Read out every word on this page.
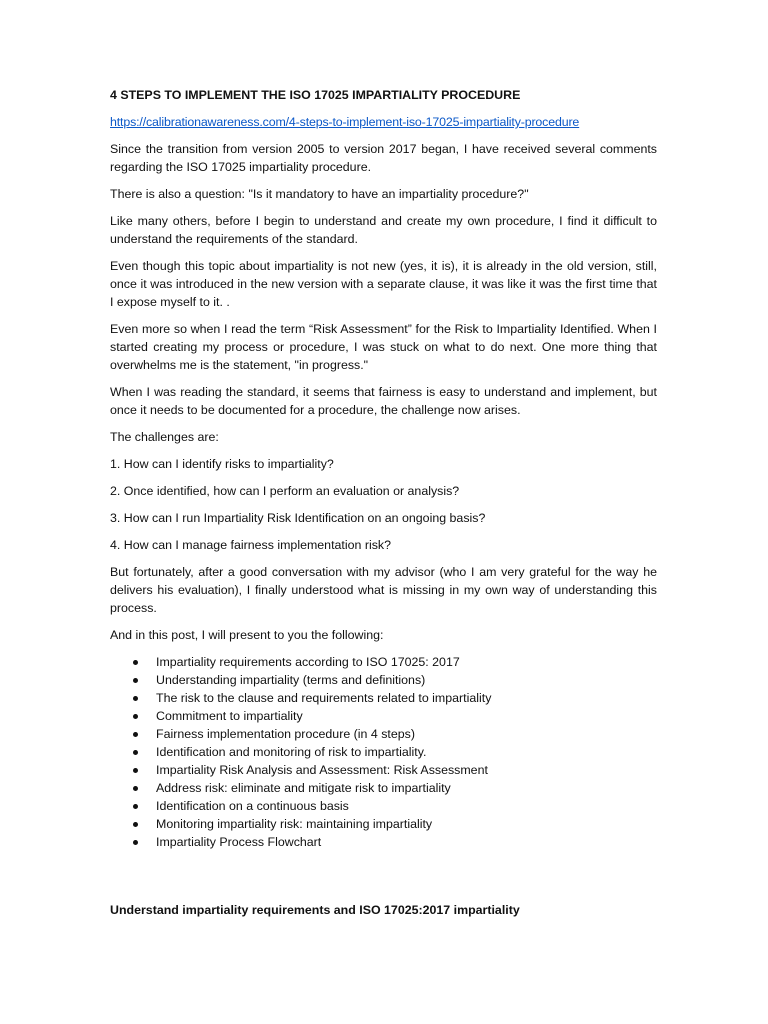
4 STEPS TO IMPLEMENT THE ISO 17025 IMPARTIALITY PROCEDURE
https://calibrationawareness.com/4-steps-to-implement-iso-17025-impartiality-procedure

Since the transition from version 2005 to version 2017 began, I have received several comments regarding the ISO 17025 impartiality procedure.

There is also a question: "Is it mandatory to have an impartiality procedure?"

Like many others, before I begin to understand and create my own procedure, I find it difficult to understand the requirements of the standard.

Even though this topic about impartiality is not new (yes, it is), it is already in the old version, still, once it was introduced in the new version with a separate clause, it was like it was the first time that I expose myself to it. .

Even more so when I read the term “Risk Assessment” for the Risk to Impartiality Identified. When I started creating my process or procedure, I was stuck on what to do next. One more thing that overwhelms me is the statement, "in progress."

When I was reading the standard, it seems that fairness is easy to understand and implement, but once it needs to be documented for a procedure, the challenge now arises.

The challenges are:

1. How can I identify risks to impartiality?

2. Once identified, how can I perform an evaluation or analysis?

3. How can I run Impartiality Risk Identification on an ongoing basis?

4. How can I manage fairness implementation risk?

But fortunately, after a good conversation with my advisor (who I am very grateful for the way he delivers his evaluation), I finally understood what is missing in my own way of understanding this process.

And in this post, I will present to you the following:

Impartiality requirements according to ISO 17025: 2017
Understanding impartiality (terms and definitions)
The risk to the clause and requirements related to impartiality
Commitment to impartiality
Fairness implementation procedure (in 4 steps)
Identification and monitoring of risk to impartiality.
Impartiality Risk Analysis and Assessment: Risk Assessment
Address risk: eliminate and mitigate risk to impartiality
Identification on a continuous basis
Monitoring impartiality risk: maintaining impartiality
Impartiality Process Flowchart
Understand impartiality requirements and ISO 17025:2017 impartiality
